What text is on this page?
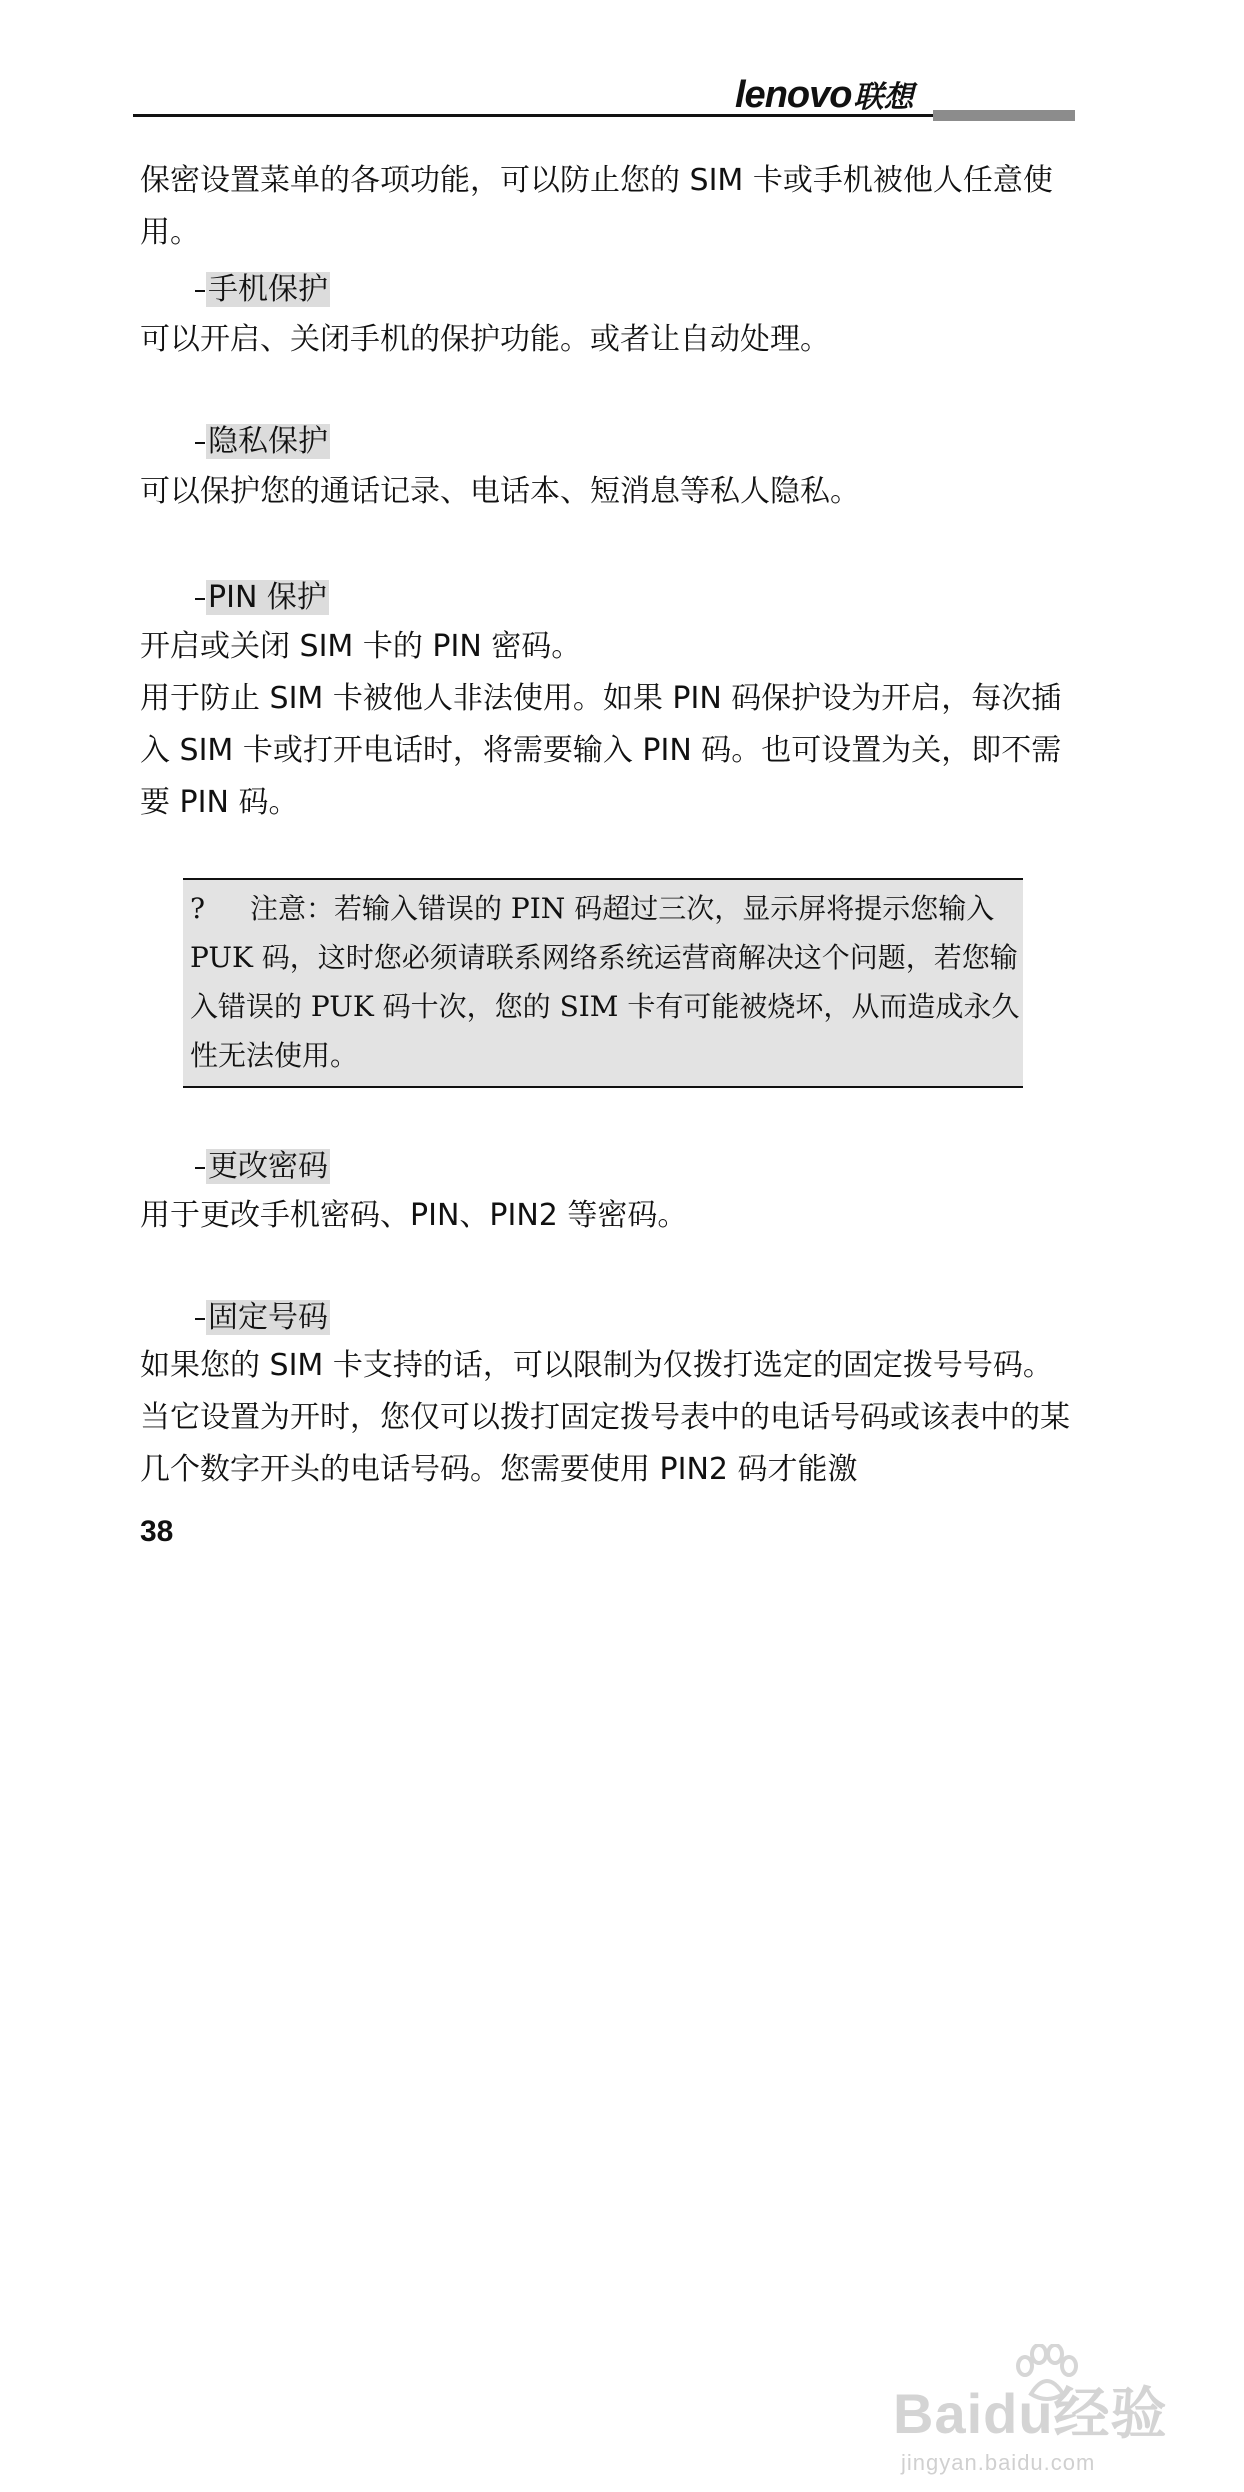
lenovo联想

保密设置菜单的各项功能，可以防止您的 SIM 卡或手机被他人任意使用。

手机保护

可以开启、关闭手机的保护功能。或者让自动处理。

隐私保护

可以保护您的通话记录、电话本、短消息等私人隐私。

PIN 保护

开启或关闭 SIM 卡的 PIN 密码。

用于防止 SIM 卡被他人非法使用。如果 PIN 码保护设为开启，每次插入 SIM 卡或打开电话时，将需要输入 PIN 码。也可设置为关，即不需要 PIN 码。

? 注意：若输入错误的 PIN 码超过三次，显示屏将提示您输入 PUK 码，这时您必须请联系网络系统运营商解决这个问题，若您输入错误的 PUK 码十次，您的 SIM 卡有可能被烧坏，从而造成永久性无法使用。

更改密码

用于更改手机密码、PIN、PIN2 等密码。

固定号码

如果您的 SIM 卡支持的话，可以限制为仅拨打选定的固定拨号号码。当它设置为开时，您仅可以拨打固定拨号表中的电话号码或该表中的某几个数字开头的电话号码。您需要使用 PIN2 码才能激

38
Baidu经验
jingyan.baidu.com
